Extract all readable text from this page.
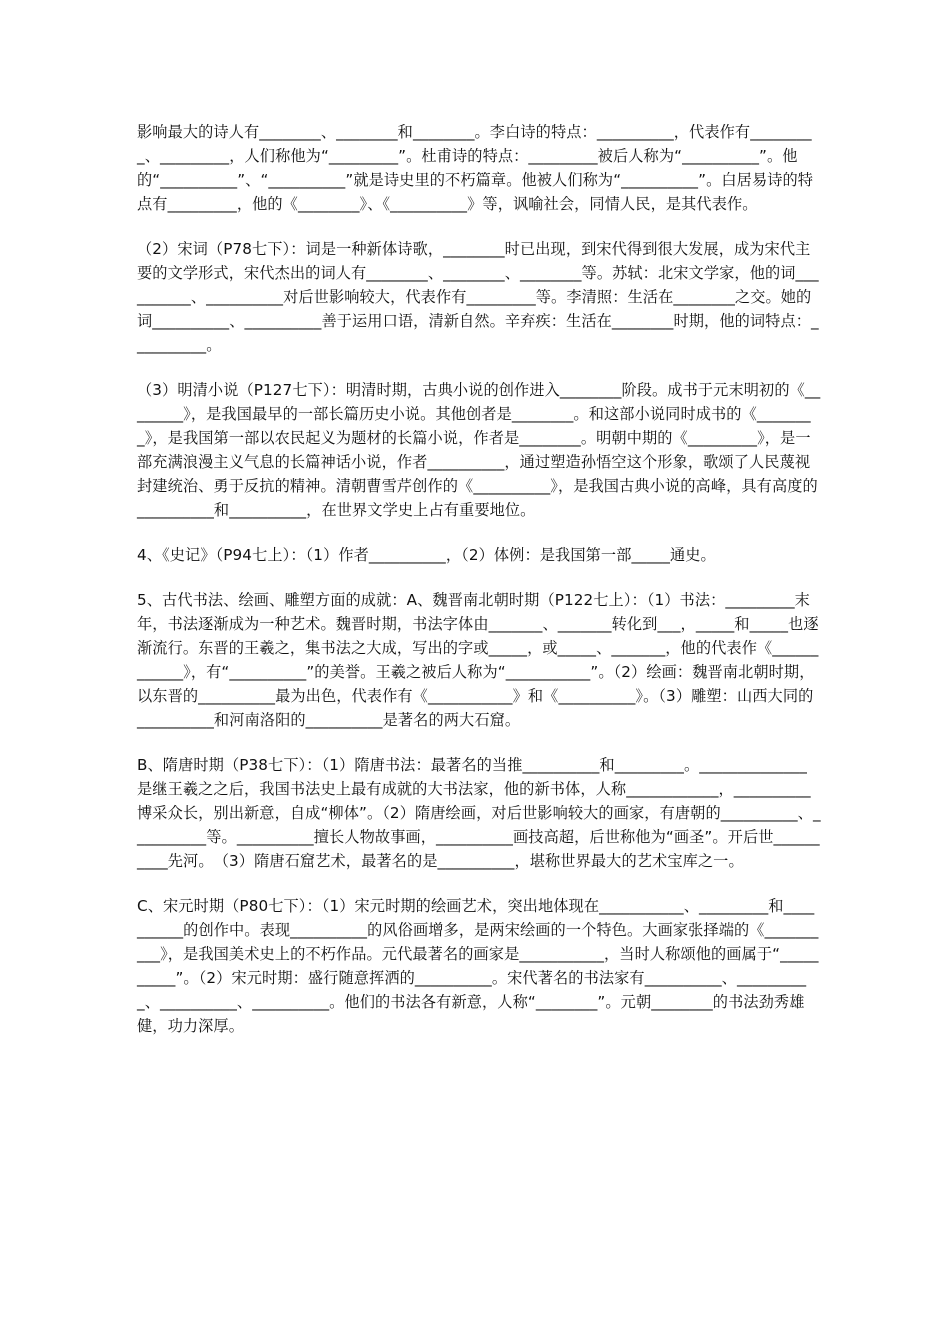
影响最大的诗人有________、________和________。李白诗的特点：__________，代表作有_________、_________，人们称他为“_________”。杜甫诗的特点：_________被后人称为“__________”。他的“__________”、“__________”就是诗史里的不朽篇章。他被人们称为“__________”。白居易诗的特点有_________，他的《________》、《__________》等，讽喻社会，同情人民，是其代表作。

（2）宋词（P78七下）：词是一种新体诗歌，________时已出现，到宋代得到很大发展，成为宋代主要的文学形式，宋代杰出的词人有________、________、________等。苏轼：北宋文学家，他的词__________、__________对后世影响较大，代表作有_________等。李清照：生活在________之交。她的词__________、__________善于运用口语，清新自然。辛弃疾：生活在________时期，他的词特点：__________。

（3）明清小说（P127七下）：明清时期，古典小说的创作进入________阶段。成书于元末明初的《________》，是我国最早的一部长篇历史小说。其他创者是________。和这部小说同时成书的《________》，是我国第一部以农民起义为题材的长篇小说，作者是________。明朝中期的《_________》，是一部充满浪漫主义气息的长篇神话小说，作者__________，通过塑造孙悟空这个形象，歌颂了人民蔑视封建统治、勇于反抗的精神。清朝曹雪芹创作的《__________》，是我国古典小说的高峰，具有高度的__________和__________，在世界文学史上占有重要地位。

4、《史记》（P94七上）：（1）作者__________，（2）体例：是我国第一部_____通史。

5、古代书法、绘画、雕塑方面的成就：A、魏晋南北朝时期（P122七上）：（1）书法：_________末年，书法逐渐成为一种艺术。魏晋时期，书法字体由_______、_______转化到___，_____和_____也逐渐流行。东晋的王羲之，集书法之大成，写出的字或_____，或_____、_______，他的代表作《____________》，有“__________”的美誉。王羲之被后人称为“___________”。（2）绘画：魏晋南北朝时期，以东晋的__________最为出色，代表作有《___________》和《__________》。（3）雕塑：山西大同的__________和河南洛阳的__________是著名的两大石窟。

B、隋唐时期（P38七下）：（1）隋唐书法：最著名的当推__________和_________。______________是继王羲之之后，我国书法史上最有成就的大书法家，他的新书体，人称____________，__________博采众长，别出新意，自成“柳体”。（2）隋唐绘画，对后世影响较大的画家，有唐朝的__________、__________等。__________擅长人物故事画，__________画技高超，后世称他为“画圣”。开后世__________先河。　（3）隋唐石窟艺术，最著名的是__________，堪称世界最大的艺术宝库之一。

C、宋元时期（P80七下）：（1）宋元时期的绘画艺术，突出地体现在___________、_________和__________的创作中。表现__________的风俗画增多，是两宋绘画的一个特色。大画家张择端的《__________》，是我国美术史上的不朽作品。元代最著名的画家是___________，当时人称颂他的画属于“__________”。（2）宋元时期：盛行随意挥洒的__________。宋代著名的书法家有__________、__________、__________、__________。他们的书法各有新意，人称“________”。元朝________的书法劲秀雄健，功力深厚。
